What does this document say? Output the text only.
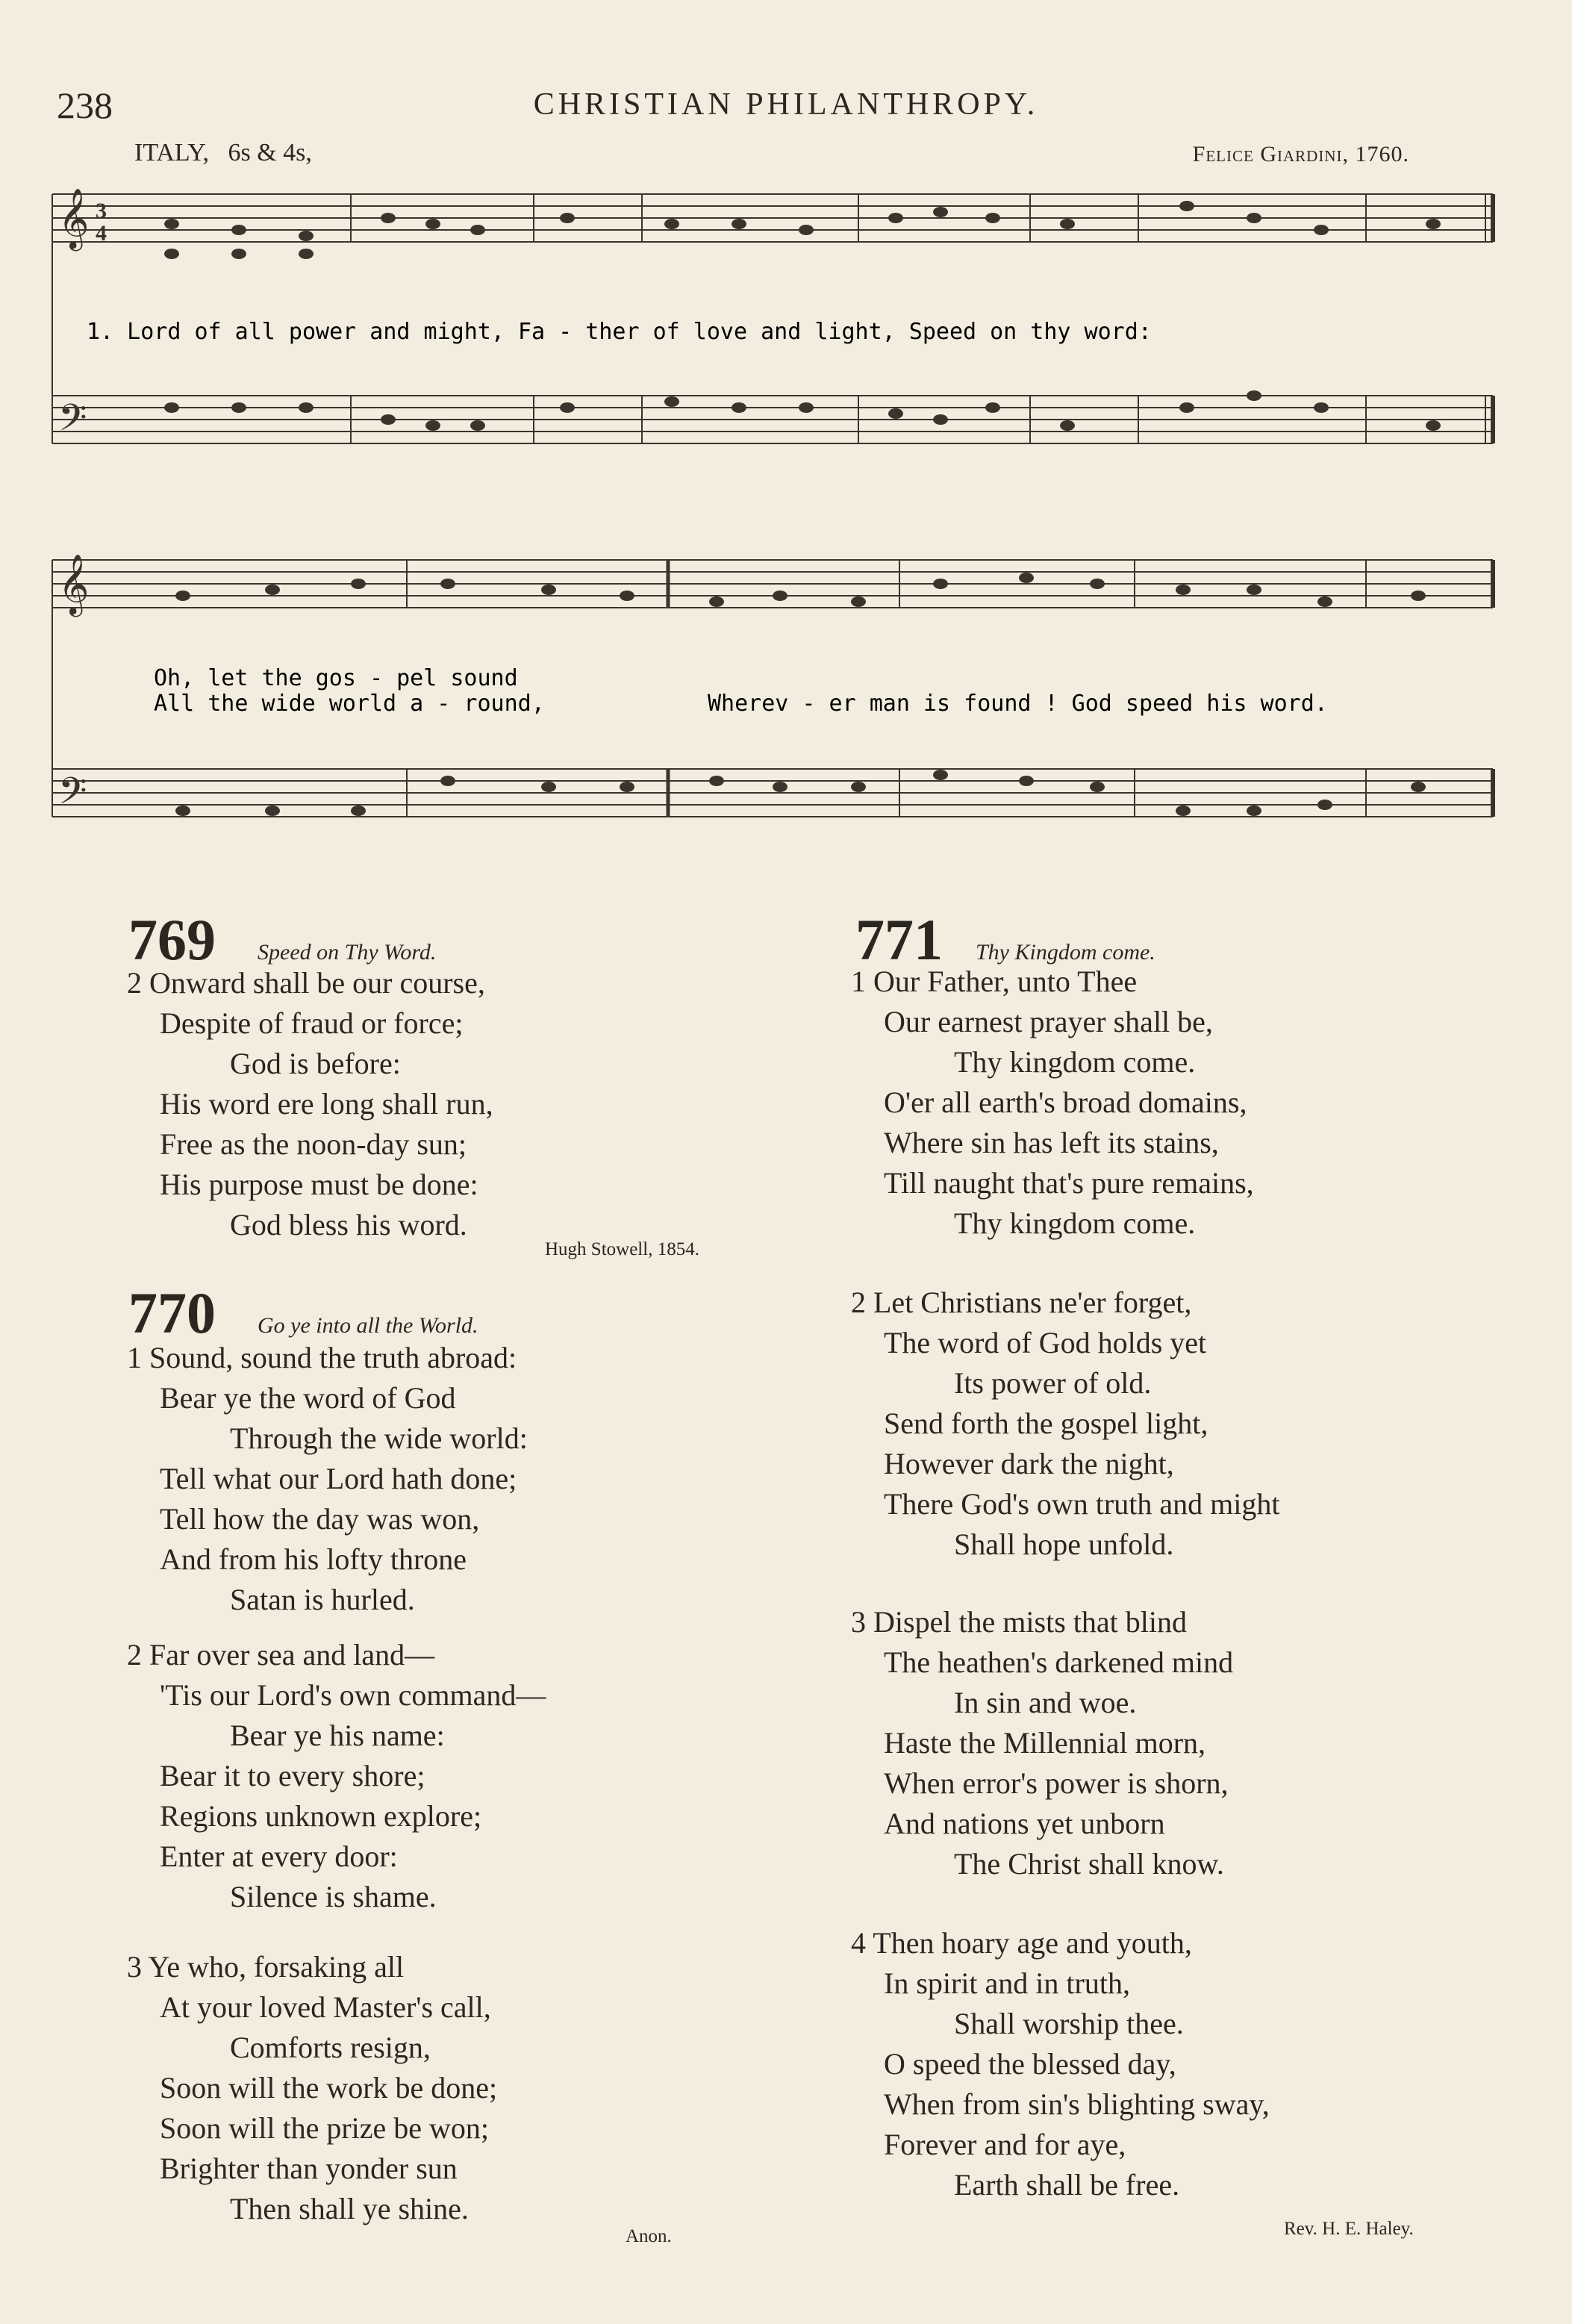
238	CHRISTIAN PHILANTHROPY.
ITALY, 6s & 4s,	Felice Giardini, 1760.
𝄞
𝄢
3
4
1. Lord of all power and might, Fa - ther of love and light, Speed on thy word:
𝄞
𝄢
Oh, let the gos - pel sound
All the wide world a - round,	Wherev - er man is found ! God speed his word.
769 Speed on Thy Word.
2 Onward shall be our course,
Despite of fraud or force;
God is before:
His word ere long shall run,
Free as the noon-day sun;
His purpose must be done:
God bless his word.
Hugh Stowell, 1854.
770 Go ye into all the World.
1 Sound, sound the truth abroad:
Bear ye the word of God
Through the wide world:
Tell what our Lord hath done;
Tell how the day was won,
And from his lofty throne
Satan is hurled.
2 Far over sea and land—
'Tis our Lord's own command—
Bear ye his name:
Bear it to every shore;
Regions unknown explore;
Enter at every door:
Silence is shame.
3 Ye who, forsaking all
At your loved Master's call,
Comforts resign,
Soon will the work be done;
Soon will the prize be won;
Brighter than yonder sun
Then shall ye shine.
Anon.
771 Thy Kingdom come.
1 Our Father, unto Thee
Our earnest prayer shall be,
Thy kingdom come.
O'er all earth's broad domains,
Where sin has left its stains,
Till naught that's pure remains,
Thy kingdom come.
2 Let Christians ne'er forget,
The word of God holds yet
Its power of old.
Send forth the gospel light,
However dark the night,
There God's own truth and might
Shall hope unfold.
3 Dispel the mists that blind
The heathen's darkened mind
In sin and woe.
Haste the Millennial morn,
When error's power is shorn,
And nations yet unborn
The Christ shall know.
4 Then hoary age and youth,
In spirit and in truth,
Shall worship thee.
O speed the blessed day,
When from sin's blighting sway,
Forever and for aye,
Earth shall be free.
Rev. H. E. Haley.
